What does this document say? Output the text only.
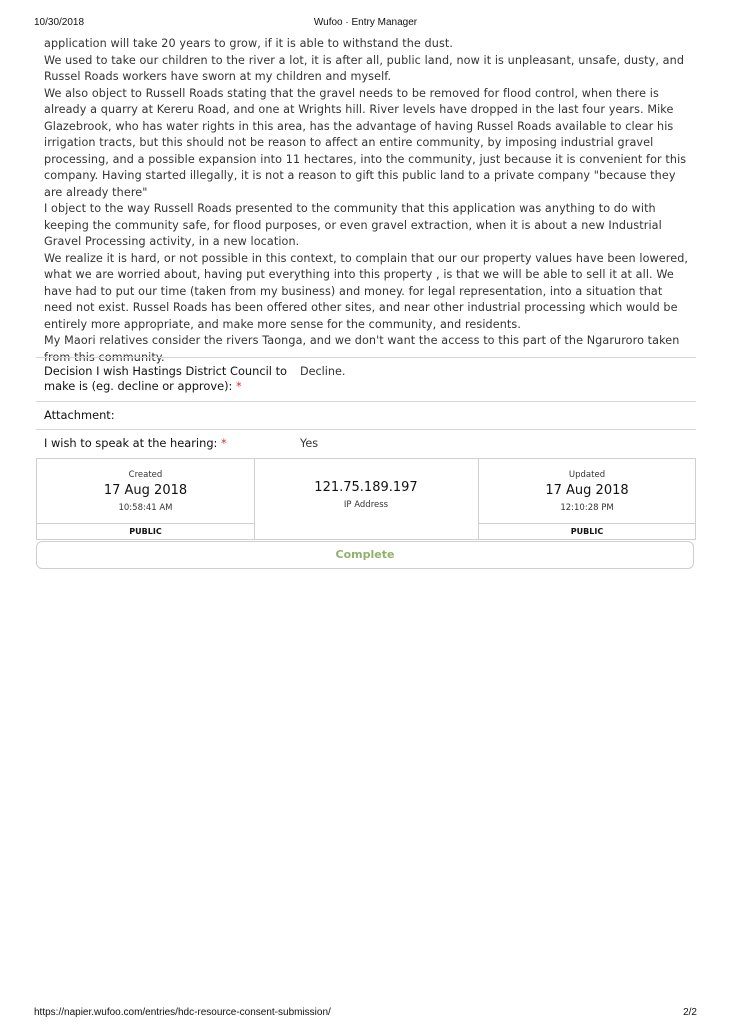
10/30/2018	Wufoo · Entry Manager

application will take 20 years to grow, if it is able to withstand the dust.

We used to take our children to the river a lot, it is after all, public land, now it is unpleasant, unsafe, dusty, and Russel Roads workers have sworn at my children and myself.

We also object to Russell Roads stating that the gravel needs to be removed for flood control, when there is already a quarry at Kereru Road, and one at Wrights hill. River levels have dropped in the last four years. Mike Glazebrook, who has water rights in this area, has the advantage of having Russel Roads available to clear his irrigation tracts, but this should not be reason to affect an entire community, by imposing industrial gravel processing, and a possible expansion into 11 hectares, into the community, just because it is convenient for this company. Having started illegally, it is not a reason to gift this public land to a private company "because they are already there"

I object to the way Russell Roads presented to the community that this application was anything to do with keeping the community safe, for flood purposes, or even gravel extraction, when it is about a new Industrial Gravel Processing activity, in a new location.

We realize it is hard, or not possible in this context, to complain that our our property values have been lowered, what we are worried about, having put everything into this property , is that we will be able to sell it at all. We have had to put our time (taken from my business) and money. for legal representation, into a situation that need not exist. Russel Roads has been offered other sites, and near other industrial processing which would be entirely more appropriate, and make more sense for the community, and residents.

My Maori relatives consider the rivers Taonga, and we don't want the access to this part of the Ngaruroro taken from this community.

Decision I wish Hastings District Council to
make is (eg. decline or approve): *
Decline.
Attachment:
I wish to speak at the hearing: *	Yes
Created
17 Aug 2018
10:58:41 AM
PUBLIC
121.75.189.197
IP Address
Updated
17 Aug 2018
12:10:28 PM
PUBLIC
Complete
https://napier.wufoo.com/entries/hdc-resource-consent-submission/	2/2
